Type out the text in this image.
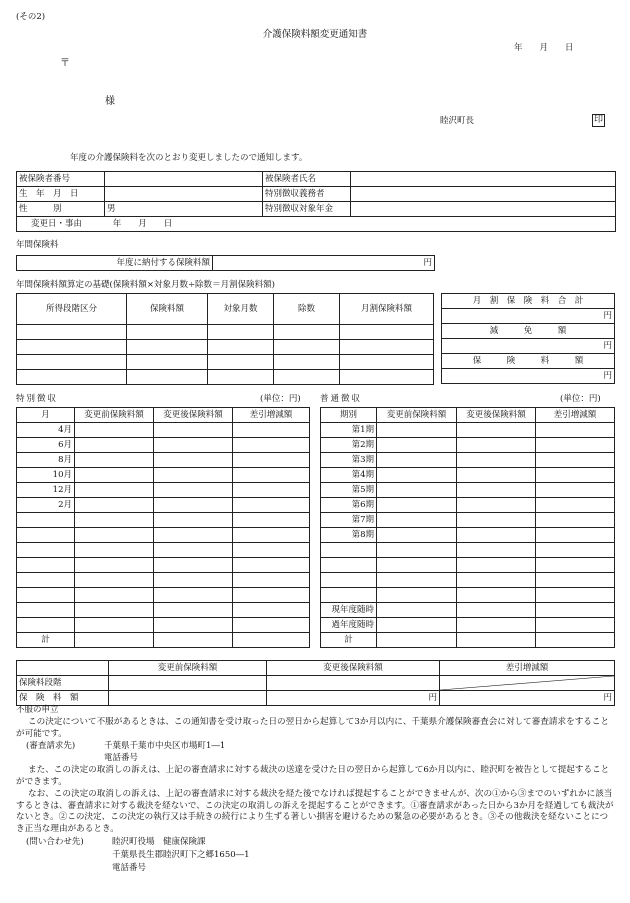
(その2)
介護保険料額変更通知書
年　　月　　日
〒
様
睦沢町長	印
年度の介護保険料を次のとおり変更しましたので通知します。
被保険者番号		被保険者氏名	
生　年　月　日		特別徴収義務者	
性　　　別	男	特別徴収対象年金	
変更日・事由 年　　月　　日			
年間保険料
年度に納付する保険料額	円
年間保険料額算定の基礎(保険料額×対象月数÷除数＝月割保険料額)
所得段階区分	保険料額	対象月数	除数	月割保険料額

月　割　保　険　料　合　計
円
減　　　免　　　額
円
保　　　険　　　料　　　額
円
特別徴収	(単位：円)
月	変更前保険料額	変更後保険料額	差引増減額
4月			
6月			
8月			
10月			
12月			
2月			

計			
普通徴収	(単位：円)
期別	変更前保険料額	変更後保険料額	差引増減額
第1期			
第2期			
第3期			
第4期			
第5期			
第6期			
第7期			
第8期			

現年度随時			
過年度随時			
計			
	変更前保険料額	変更後保険料額	差引増減額
保険料段階			

保　険　料　額		円	円
不服の申立
この決定について不服があるときは、この通知書を受け取った日の翌日から起算して3か月以内に、千葉県介護保険審査会に対して審査請求をすることが可能です。
(審査請求先)	千葉県千葉市中央区市場町1―1
電話番号
また、この決定の取消しの訴えは、上記の審査請求に対する裁決の送達を受けた日の翌日から起算して6か月以内に、睦沢町を被告として提起することができます。
なお、この決定の取消しの訴えは、上記の審査請求に対する裁決を経た後でなければ提起することができませんが、次の①から③までのいずれかに該当するときは、審査請求に対する裁決を経ないで、この決定の取消しの訴えを提起することができます。①審査請求があった日から3か月を経過しても裁決がないとき。②この決定、この決定の執行又は手続きの続行により生ずる著しい損害を避けるための緊急の必要があるとき。③その他裁決を経ないことにつき正当な理由があるとき。
(問い合わせ先)	睦沢町役場　健康保険課
千葉県長生郡睦沢町下之郷1650―1
電話番号
